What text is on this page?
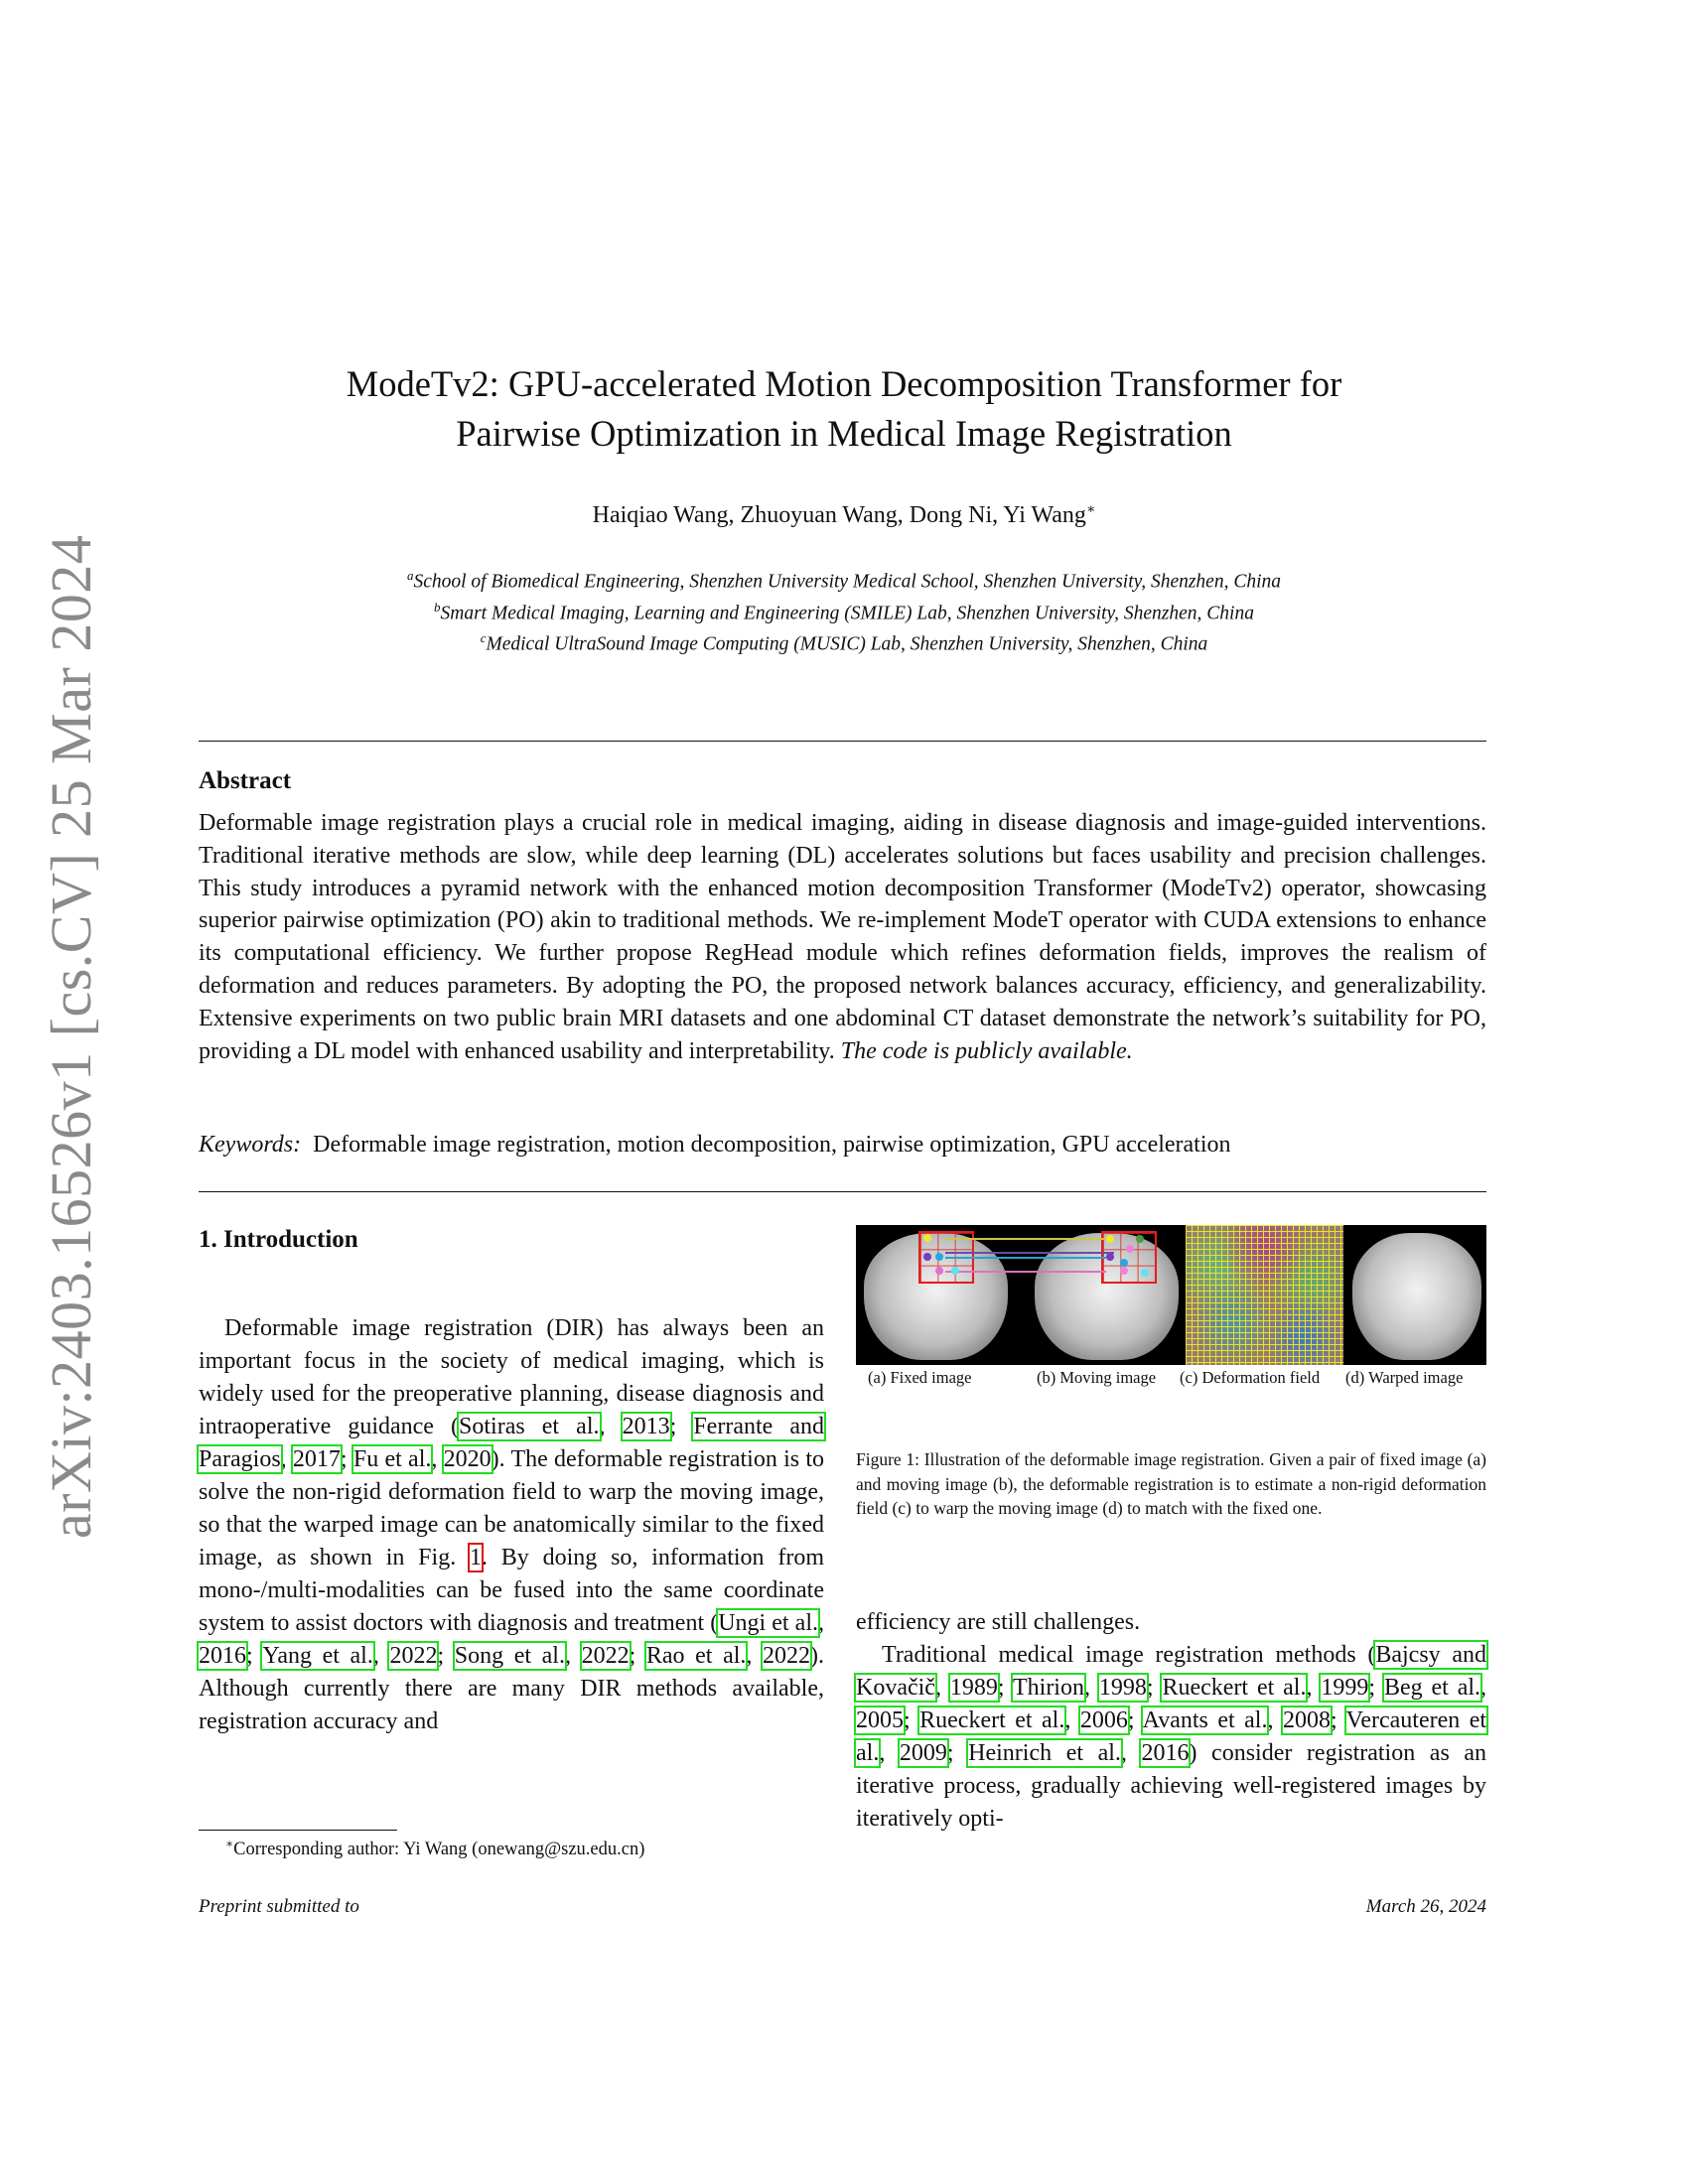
arXiv:2403.16526v1 [cs.CV] 25 Mar 2024
ModeTv2: GPU-accelerated Motion Decomposition Transformer for
Pairwise Optimization in Medical Image Registration
Haiqiao Wang, Zhuoyuan Wang, Dong Ni, Yi Wang∗
$^a$School of Biomedical Engineering, Shenzhen University Medical School, Shenzhen University, Shenzhen, China
$^b$Smart Medical Imaging, Learning and Engineering (SMILE) Lab, Shenzhen University, Shenzhen, China
$^c$Medical UltraSound Image Computing (MUSIC) Lab, Shenzhen University, Shenzhen, China
Abstract
Deformable image registration plays a crucial role in medical imaging, aiding in disease diagnosis and image-guided interventions. Traditional iterative methods are slow, while deep learning (DL) accelerates solutions but faces usability and precision challenges. This study introduces a pyramid network with the enhanced motion decomposition Transformer (ModeTv2) operator, showcasing superior pairwise optimization (PO) akin to traditional methods. We re-implement ModeT operator with CUDA extensions to enhance its computational efficiency. We further propose RegHead module which refines deformation fields, improves the realism of deformation and reduces parameters. By adopting the PO, the proposed network balances accuracy, efficiency, and generalizability. Extensive experiments on two public brain MRI datasets and one abdominal CT dataset demonstrate the network’s suitability for PO, providing a DL model with enhanced usability and interpretability. The code is publicly available.
Keywords: Deformable image registration, motion decomposition, pairwise optimization, GPU acceleration
1. Introduction
Deformable image registration (DIR) has always been an important focus in the society of medical imaging, which is widely used for the preoperative planning, disease diagnosis and intraoperative guidance (Sotiras et al., 2013; Ferrante and Paragios, 2017; Fu et al., 2020). The deformable registration is to solve the non-rigid deformation field to warp the moving image, so that the warped image can be anatomically similar to the fixed image, as shown in Fig. 1. By doing so, information from mono-/multi-modalities can be fused into the same coordinate system to assist doctors with diagnosis and treatment (Ungi et al., 2016; Yang et al., 2022; Song et al., 2022; Rao et al., 2022). Although currently there are many DIR methods available, registration accuracy and
(a) Fixed image	(b) Moving image	(c) Deformation field	(d) Warped image
Figure 1: Illustration of the deformable image registration. Given a pair of fixed image (a) and moving image (b), the deformable registration is to estimate a non-rigid deformation field (c) to warp the moving image (d) to match with the fixed one.
efficiency are still challenges.
Traditional medical image registration methods (Bajcsy and Kovačič, 1989; Thirion, 1998; Rueckert et al., 1999; Beg et al., 2005; Rueckert et al., 2006; Avants et al., 2008; Vercauteren et al., 2009; Heinrich et al., 2016) consider registration as an iterative process, gradually achieving well-registered images by iteratively opti-
∗Corresponding author: Yi Wang (onewang@szu.edu.cn)
Preprint submitted to	March 26, 2024
